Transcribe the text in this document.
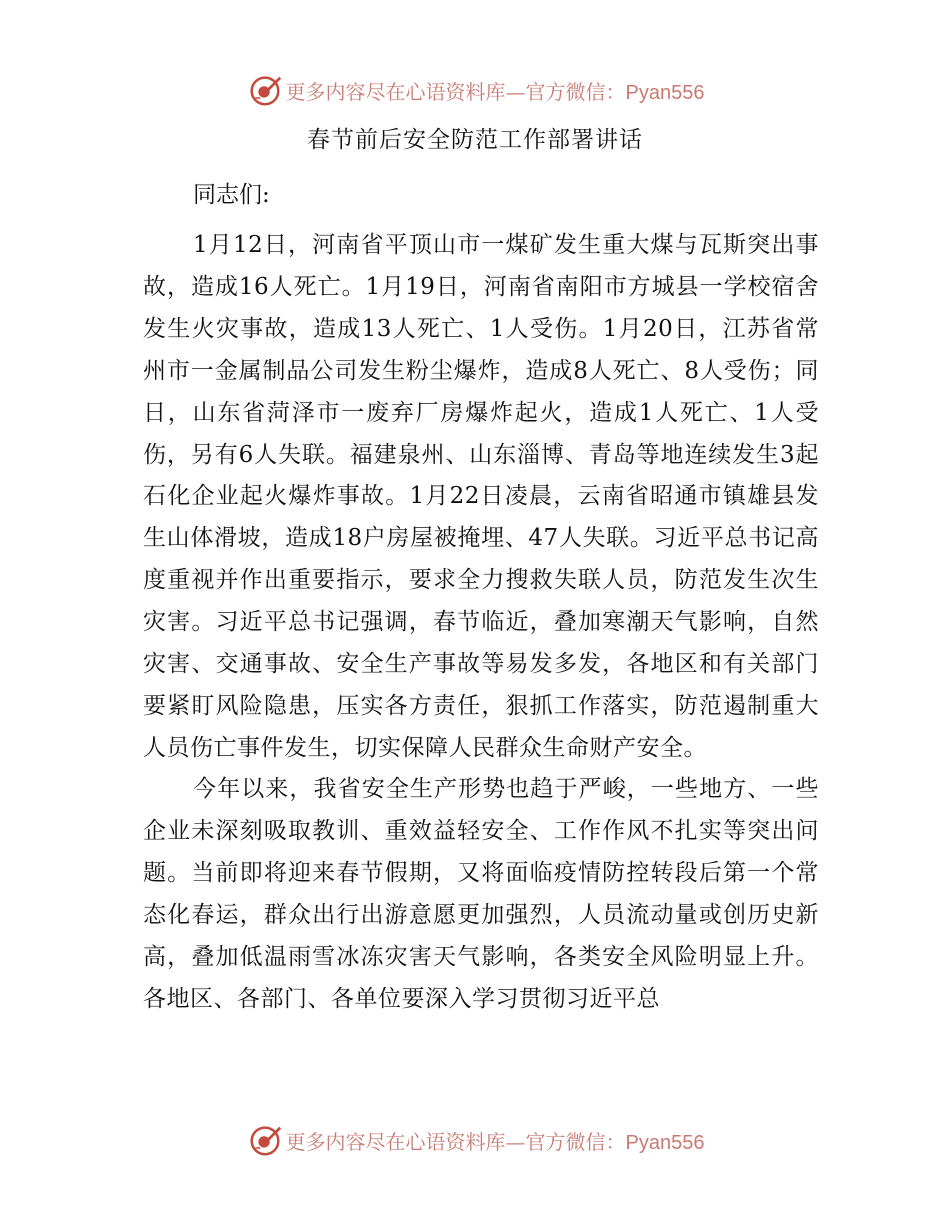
更多内容尽在心语资料库—官方微信：Pyan556
春节前后安全防范工作部署讲话

同志们:

1月12日，河南省平顶山市一煤矿发生重大煤与瓦斯突出事故，造成16人死亡。1月19日，河南省南阳市方城县一学校宿舍发生火灾事故，造成13人死亡、1人受伤。1月20日，江苏省常州市一金属制品公司发生粉尘爆炸，造成8人死亡、8人受伤；同日，山东省菏泽市一废弃厂房爆炸起火，造成1人死亡、1人受伤，另有6人失联。福建泉州、山东淄博、青岛等地连续发生3起石化企业起火爆炸事故。1月22日凌晨，云南省昭通市镇雄县发生山体滑坡，造成18户房屋被掩埋、47人失联。习近平总书记高度重视并作出重要指示，要求全力搜救失联人员，防范发生次生灾害。习近平总书记强调，春节临近，叠加寒潮天气影响，自然灾害、交通事故、安全生产事故等易发多发，各地区和有关部门要紧盯风险隐患，压实各方责任，狠抓工作落实，防范遏制重大人员伤亡事件发生，切实保障人民群众生命财产安全。

今年以来，我省安全生产形势也趋于严峻，一些地方、一些企业未深刻吸取教训、重效益轻安全、工作作风不扎实等突出问题。当前即将迎来春节假期，又将面临疫情防控转段后第一个常态化春运，群众出行出游意愿更加强烈，人员流动量或创历史新高，叠加低温雨雪冰冻灾害天气影响，各类安全风险明显上升。各地区、各部门、各单位要深入学习贯彻习近平总

更多内容尽在心语资料库—官方微信：Pyan556
